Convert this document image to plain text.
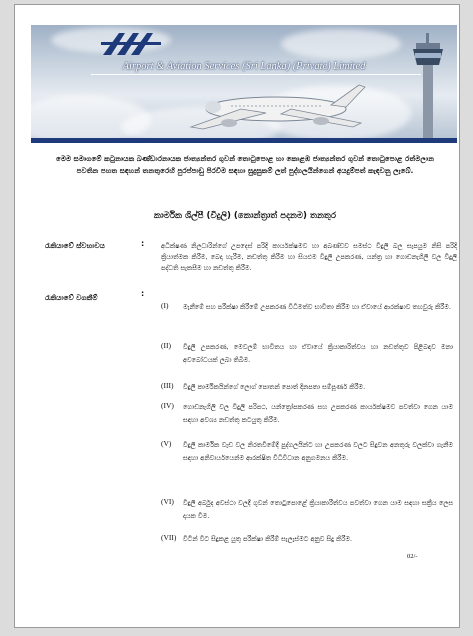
Airport & Aviation Services (Sri Lanka) (Private) Limited
මෙම සමාගමේ කටුනායක බණ්ඩාරනායක ජාත්‍යන්තර ගුවන් තොටුපොළ හා කොළඹ ජාත්‍යන්තර ගුවන් තොටුපොළ රත්මලාන පවතින පහත සඳහන් තනතුරෙහි පුරප්පාඩු පිරවීම සඳහා සුදුසුකම් ලත් පුද්ගලයින්ගෙන් අයදුම්පත් කැඳවනු ලැබේ.
කාර්මික ශිල්පී (විදුලි) (කොන්ත්‍රාත් පදනම) තනතුර
රැකියාවේ ස්වභාවය	:	අධීක්ෂණ නිලධාරින්ගේ උපදෙස් පරිදි කාර්යක්ෂමව හා අඛණ්ඩව සමස්ථ විදුලි බල සැපයුම නිසි පරිදි ක්‍රියාත්මක කිරීම, බෙදා හැරීම, නඩත්තු කිරීම හා සියළුම විදුලි උපකරණ, යන්ත්‍ර හා ගොඩනැගිලි වල විදුලි පද්ධති සැකසීම හා නඩත්තු කිරීම.
රැකියාවේ වගකීම්	:
(I) මැනීමේ සහ පරීක්ෂා කිරීමේ උපකරණ විධිමත්ව භාවිතා කිරීම හා ඒවායේ ආරක්ෂාව තහවුරු කිරීම.
(II) විදුලි උපකරණ, මෙවලම් භාවිතය හා ඒවායේ ක්‍රියාකාරිත්වය හා නඩත්තුව පිළිබඳව මනා අවබෝධයක් ලබා තිබීම.
(III) විදුලි කාර්මිකයින්ගේ ලොග් පොතන් පොත් දිනපතා සම්පූර්ණ කිරීම.
(IV) ගොඩනැගිලි වල විදුලි පරිපථ, යන්ත්‍රෝපකරණ සහ උපකරණ කාර්යක්ෂමව පවත්වා ගෙන යාම සඳහා අවශ්‍ය නඩත්තු කටයුතු කිරීම.
(V) විදුලි කාර්මික වැඩ වල නිරතවීමේදී පුද්ගලයින්ට හා උපකරණ වලට සිදුවන අනතුරු වලක්වා ගැනීම සඳහා අනිවාර්යයෙන්ම ආරක්ෂිත විධිවිධාන අනුගමනය කිරීම.
(VI) විදුලි අර්බුද අවස්ථා වලදී ගුවන් තොටුපොළේ ක්‍රියාකාරීත්වය පවත්වා ගෙන යාම සඳහා සක්‍රීය ලෙස දායක වීම.
(VII) විටින් විට සිදුකළ යුතු පරීක්ෂා කිරීම් සැලැස්මට අනුව සිදු කිරීම.
02/-
